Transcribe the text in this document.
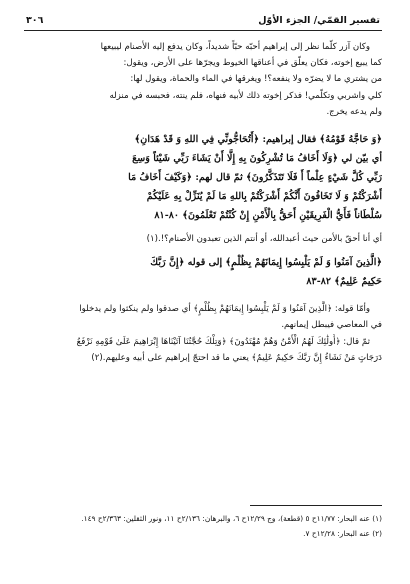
تفسير القمّي/ الجزء الأوّل
٣٠٦
وكان آزر كلّما نظر إلى إبراهيم أحبّه حبّاً شديداً، وكان يدفع إليه الأصنام ليبيعها
كما يبيع إخوته، فكان يعلّق في أعناقها الخيوط ويجرّها على الأرض، ويقول:
من يشتري ما لا يضرّه ولا ينفعه؟! ويغرقها في الماء والحماة، ويقول لها:
كلي واشربي وتكلّمي! فذكر إخوته ذلك لأبيه فنهاه، فلم ينته، فحبسه في منزله
ولم يدعه يخرج.
﴿وَ حَاجَّهُ قَوْمُهُ﴾ فقال إبراهيم: ﴿أَتُحَاجُّونِّي فِي اللهِ وَ قَدْ هَدَانِ﴾
أي بيّن لي ﴿وَلَا أَخَافُ مَا تُشْرِكُونَ بِهِ إِلَّا أَنْ يَشَاءَ رَبِّي شَيْئاً وَسِعَ
رَبِّي كُلَّ شَيْءٍ عِلْماً أَ فَلَا تَتَذَكَّرُونَ﴾ ثمّ قال لهم: ﴿وَكَيْفَ أَخَافُ مَا
أَشْرَكْتُمْ وَ لَا تَخَافُونَ أَنَّكُمْ أَشْرَكْتُمْ بِاللهِ مَا لَمْ يُنَزِّلْ بِهِ عَلَيْكُمْ
سُلْطَاناً فَأَيُّ الْفَرِيقَيْنِ أَحَقُّ بِالْأَمْنِ إِنْ كُنْتُمْ تَعْلَمُونَ﴾ ٨٠-٨١
أي أنا أحقّ بالأمن حيث أعبدالله، أو أنتم الذين تعبدون الأصنام؟!.(١)
﴿الَّذِينَ آمَنُوا وَ لَمْ يَلْبِسُوا إِيمَانَهُمْ بِظُلْمٍ﴾ إلى قوله ﴿إِنَّ رَبَّكَ
حَكِيمٌ عَلِيمٌ﴾ ٨٢-٨٣
وأمّا قوله: ﴿الَّذِينَ آمَنُوا وَ لَمْ يَلْبِسُوا إِيمَانَهُمْ بِظُلْمٍ﴾ أي صدقوا ولم ينكثوا ولم يدخلوا
في المعاصي فيبطل إيمانهم.
ثمّ قال: ﴿أُولَٰئِكَ لَهُمُ الْأَمْنُ وَهُمْ مُهْتَدُونَ﴾ ﴿وَتِلْكَ حُجَّتُنَا آتَيْنَاهَا إِبْرَاهِيمَ عَلَىٰ قَوْمِهِ نَرْفَعُ
دَرَجَاتٍ مَنْ نَشَاءُ إِنَّ رَبَّكَ حَكِيمٌ عَلِيمٌ﴾ يعني ما قد احتجّ إبراهيم على أبيه وعليهم.(٢)
(١) عنه البحار: ١١/٧٧ح ٥ (قطعة)، وج ١٢/٢٩ح ٦، والبرهان: ٢/١٣٦ح ١١، ونور الثقلين: ٢/٣٦٣ح ١٤٩.
(٢) عنه البحار: ١٢/٢٨ح ٧.
